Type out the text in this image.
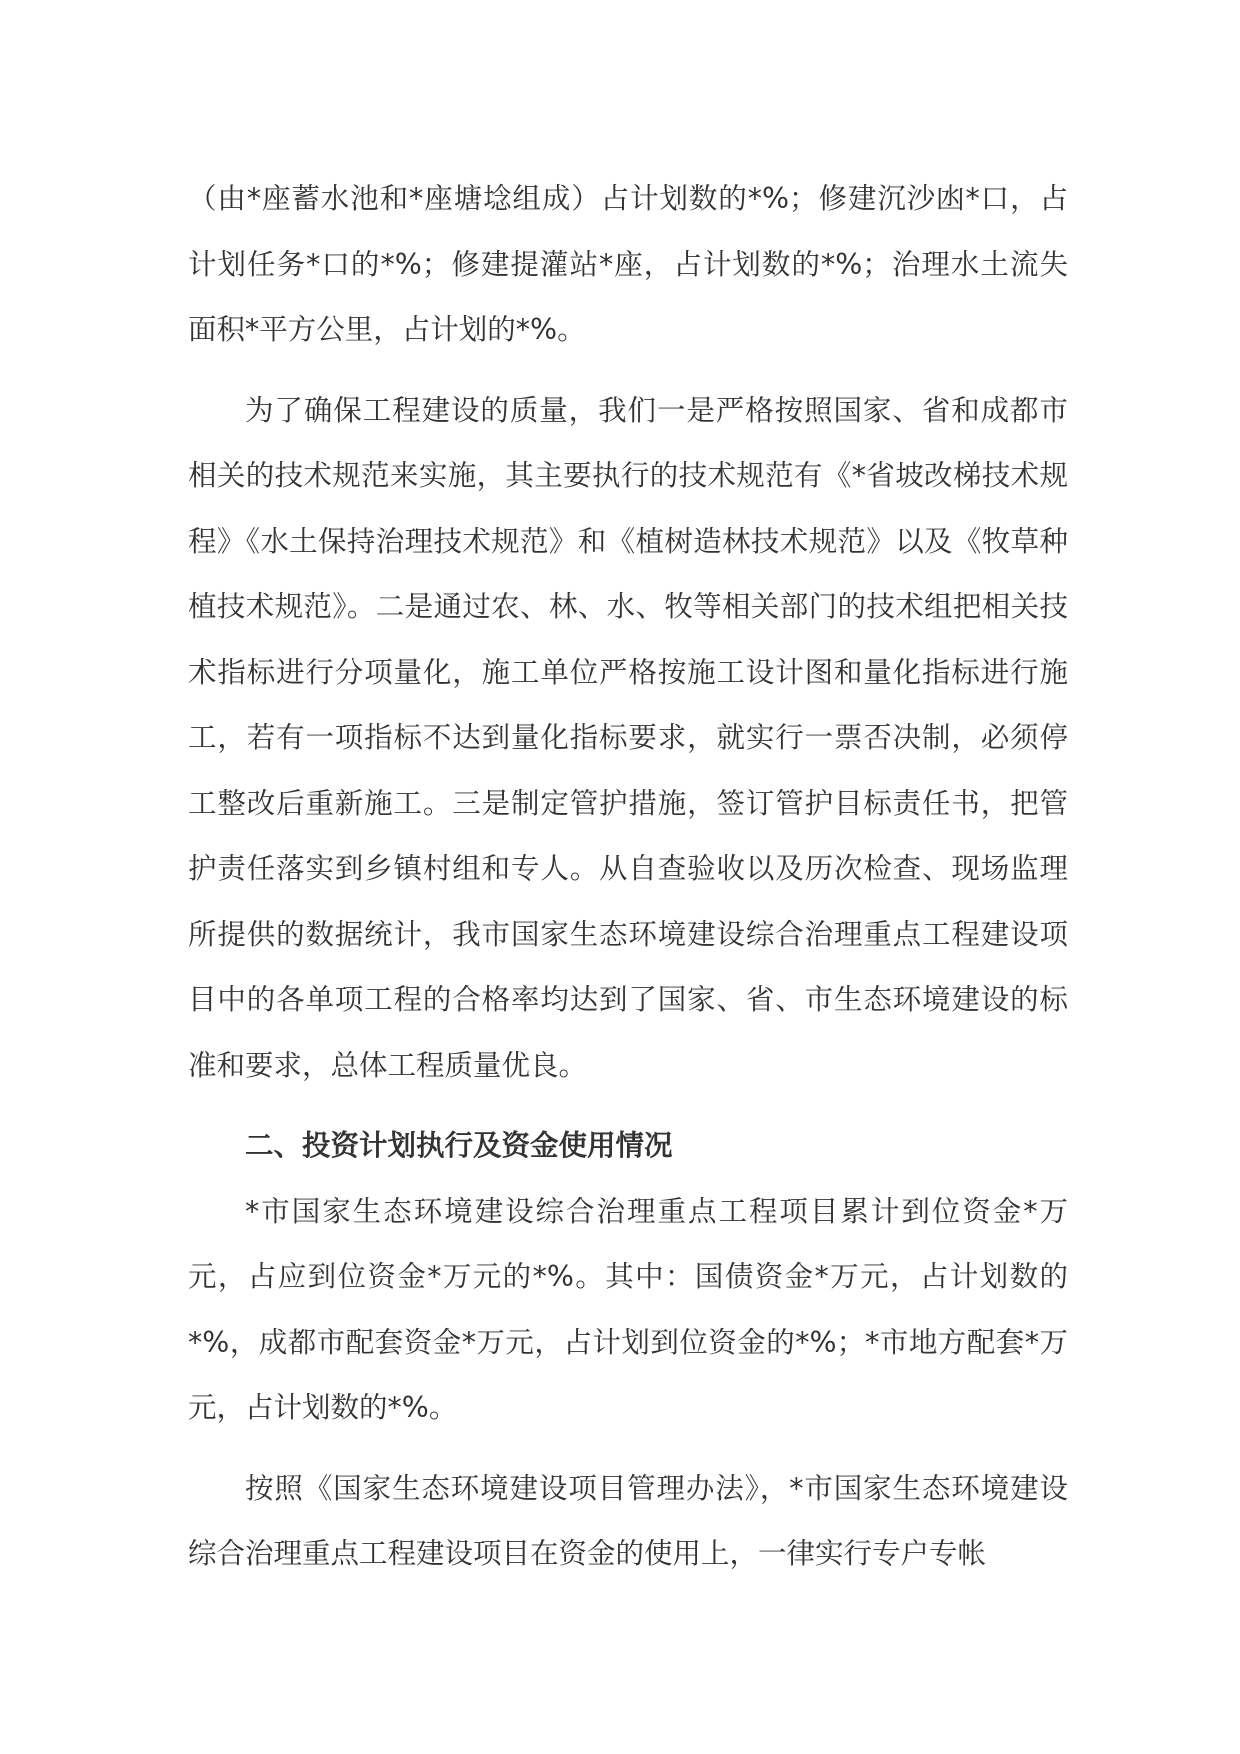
（由*座蓄水池和*座塘埝组成）占计划数的*%；修建沉沙凼*口，占计划任务*口的*%；修建提灌站*座，占计划数的*%；治理水土流失面积*平方公里，占计划的*%。

为了确保工程建设的质量，我们一是严格按照国家、省和成都市相关的技术规范来实施，其主要执行的技术规范有《*省坡改梯技术规程》《水土保持治理技术规范》和《植树造林技术规范》以及《牧草种植技术规范》。二是通过农、林、水、牧等相关部门的技术组把相关技术指标进行分项量化，施工单位严格按施工设计图和量化指标进行施工，若有一项指标不达到量化指标要求，就实行一票否决制，必须停工整改后重新施工。三是制定管护措施，签订管护目标责任书，把管护责任落实到乡镇村组和专人。从自查验收以及历次检查、现场监理所提供的数据统计，我市国家生态环境建设综合治理重点工程建设项目中的各单项工程的合格率均达到了国家、省、市生态环境建设的标准和要求，总体工程质量优良。

二、投资计划执行及资金使用情况

*市国家生态环境建设综合治理重点工程项目累计到位资金*万元，占应到位资金*万元的*%。其中：国债资金*万元，占计划数的*%，成都市配套资金*万元，占计划到位资金的*%；*市地方配套*万元，占计划数的*%。

按照《国家生态环境建设项目管理办法》，*市国家生态环境建设综合治理重点工程建设项目在资金的使用上，一律实行专户专帐
